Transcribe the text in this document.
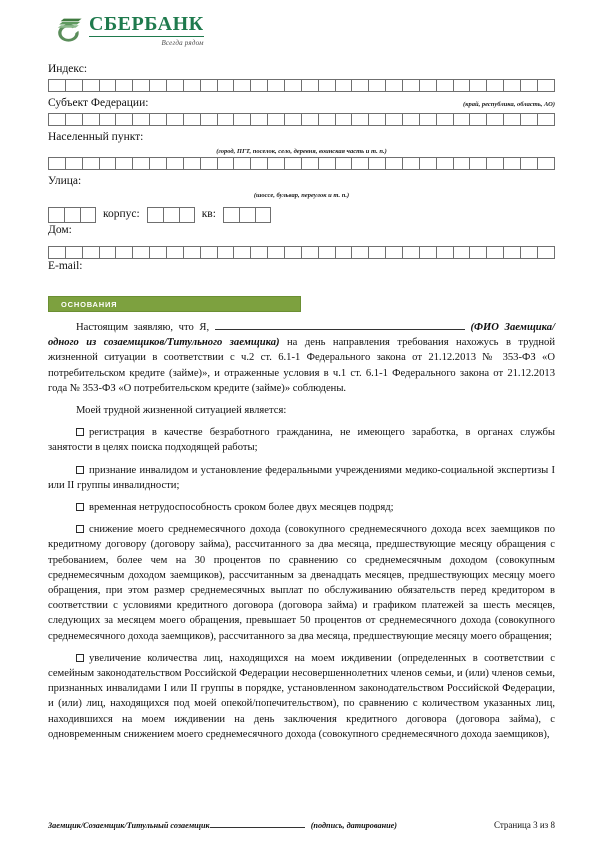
СБЕРБАНК
Всегда рядом
Индекс:
Субъект Федерации:	(край, республика, область, АО)
Населенный пункт:
(город, ПГТ, поселок, село, деревня, воинская часть и т. п.)
Улица:
(шоссе, бульвар, переулок и т. п.)
корпус:	кв:
Дом:
E-mail:
ОСНОВАНИЯ

Настоящим заявляю, что Я,	(ФИО Заемщика/одного из созаемщиков/Титульного заемщика) на день направления требования нахожусь в трудной жизненной ситуации в соответствии с ч.2 ст. 6.1-1 Федерального закона от 21.12.2013 № 353-ФЗ «О потребительском кредите (займе)», и отраженные условия в ч.1 ст. 6.1-1 Федерального закона от 21.12.2013 года № 353-ФЗ «О потребительском кредите (займе)» соблюдены.

Моей трудной жизненной ситуацией является:

регистрация в качестве безработного гражданина, не имеющего заработка, в органах службы занятости в целях поиска подходящей работы;

признание инвалидом и установление федеральными учреждениями медико-социальной экспертизы I или II группы инвалидности;

временная нетрудоспособность сроком более двух месяцев подряд;

снижение моего среднемесячного дохода (совокупного среднемесячного дохода всех заемщиков по кредитному договору (договору займа), рассчитанного за два месяца, предшествующие месяцу обращения с требованием, более чем на 30 процентов по сравнению со среднемесячным доходом (совокупным среднемесячным доходом заемщиков), рассчитанным за двенадцать месяцев, предшествующих месяцу моего обращения, при этом размер среднемесячных выплат по обслуживанию обязательств перед кредитором в соответствии с условиями кредитного договора (договора займа) и графиком платежей за шесть месяцев, следующих за месяцем моего обращения, превышает 50 процентов от среднемесячного дохода (совокупного среднемесячного дохода заемщиков), рассчитанного за два месяца, предшествующие месяцу моего обращения;

увеличение количества лиц, находящихся на моем иждивении (определенных в соответствии с семейным законодательством Российской Федерации несовершеннолетних членов семьи, и (или) членов семьи, признанных инвалидами I или II группы в порядке, установленном законодательством Российской Федерации, и (или) лиц, находящихся под моей опекой/попечительством), по сравнению с количеством указанных лиц, находившихся на моем иждивении на день заключения кредитного договора (договора займа), с одновременным снижением моего среднемесячного дохода (совокупного среднемесячного дохода заемщиков),

Заемщик/Созаемщик/Титульный созаемщик	(подпись, датирование)	Страница 3 из 8
